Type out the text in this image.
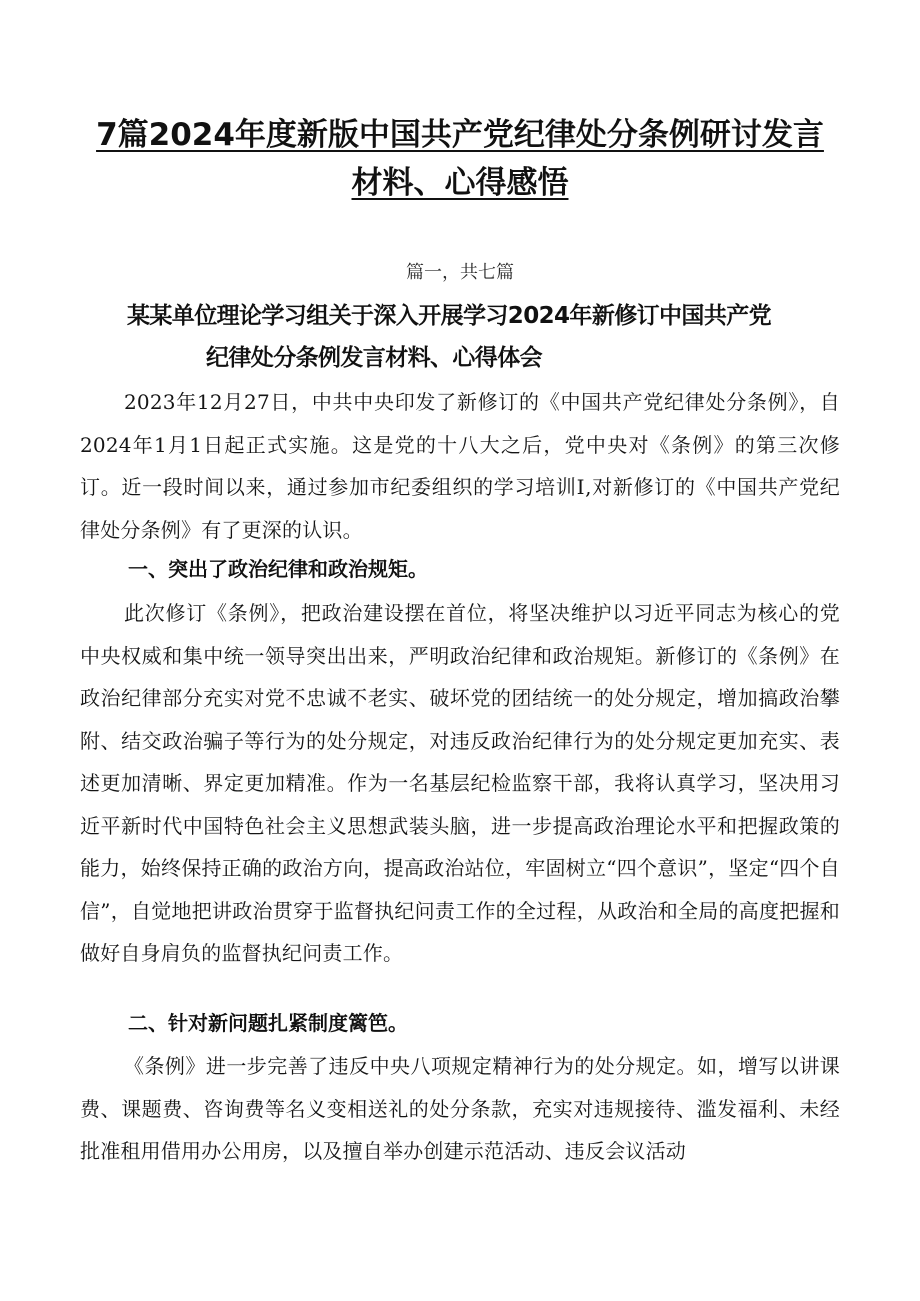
7篇2024年度新版中国共产党纪律处分条例研讨发言
材料、心得感悟
篇一，共七篇
某某单位理论学习组关于深入开展学习2024年新修订中国共产党
纪律处分条例发言材料、心得体会

2023年12月27日，中共中央印发了新修订的《中国共产党纪律处分条例》，自2024年1月1日起正式实施。这是党的十八大之后，党中央对《条例》的第三次修订。近一段时间以来，通过参加市纪委组织的学习培训Ⅰ,对新修订的《中国共产党纪律处分条例》有了更深的认识。

一、突出了政治纪律和政治规矩。

此次修订《条例》，把政治建设摆在首位，将坚决维护以习近平同志为核心的党中央权威和集中统一领导突出出来，严明政治纪律和政治规矩。新修订的《条例》在政治纪律部分充实对党不忠诚不老实、破坏党的团结统一的处分规定，增加搞政治攀附、结交政治骗子等行为的处分规定，对违反政治纪律行为的处分规定更加充实、表述更加清晰、界定更加精准。作为一名基层纪检监察干部，我将认真学习，坚决用习近平新时代中国特色社会主义思想武装头脑，进一步提高政治理论水平和把握政策的能力，始终保持正确的政治方向，提高政治站位，牢固树立“四个意识”，坚定“四个自信”，自觉地把讲政治贯穿于监督执纪问责工作的全过程，从政治和全局的高度把握和做好自身肩负的监督执纪问责工作。

二、针对新问题扎紧制度篱笆。

《条例》进一步完善了违反中央八项规定精神行为的处分规定。如，增写以讲课费、课题费、咨询费等名义变相送礼的处分条款，充实对违规接待、滥发福利、未经批准租用借用办公用房，以及擅自举办创建示范活动、违反会议活动
